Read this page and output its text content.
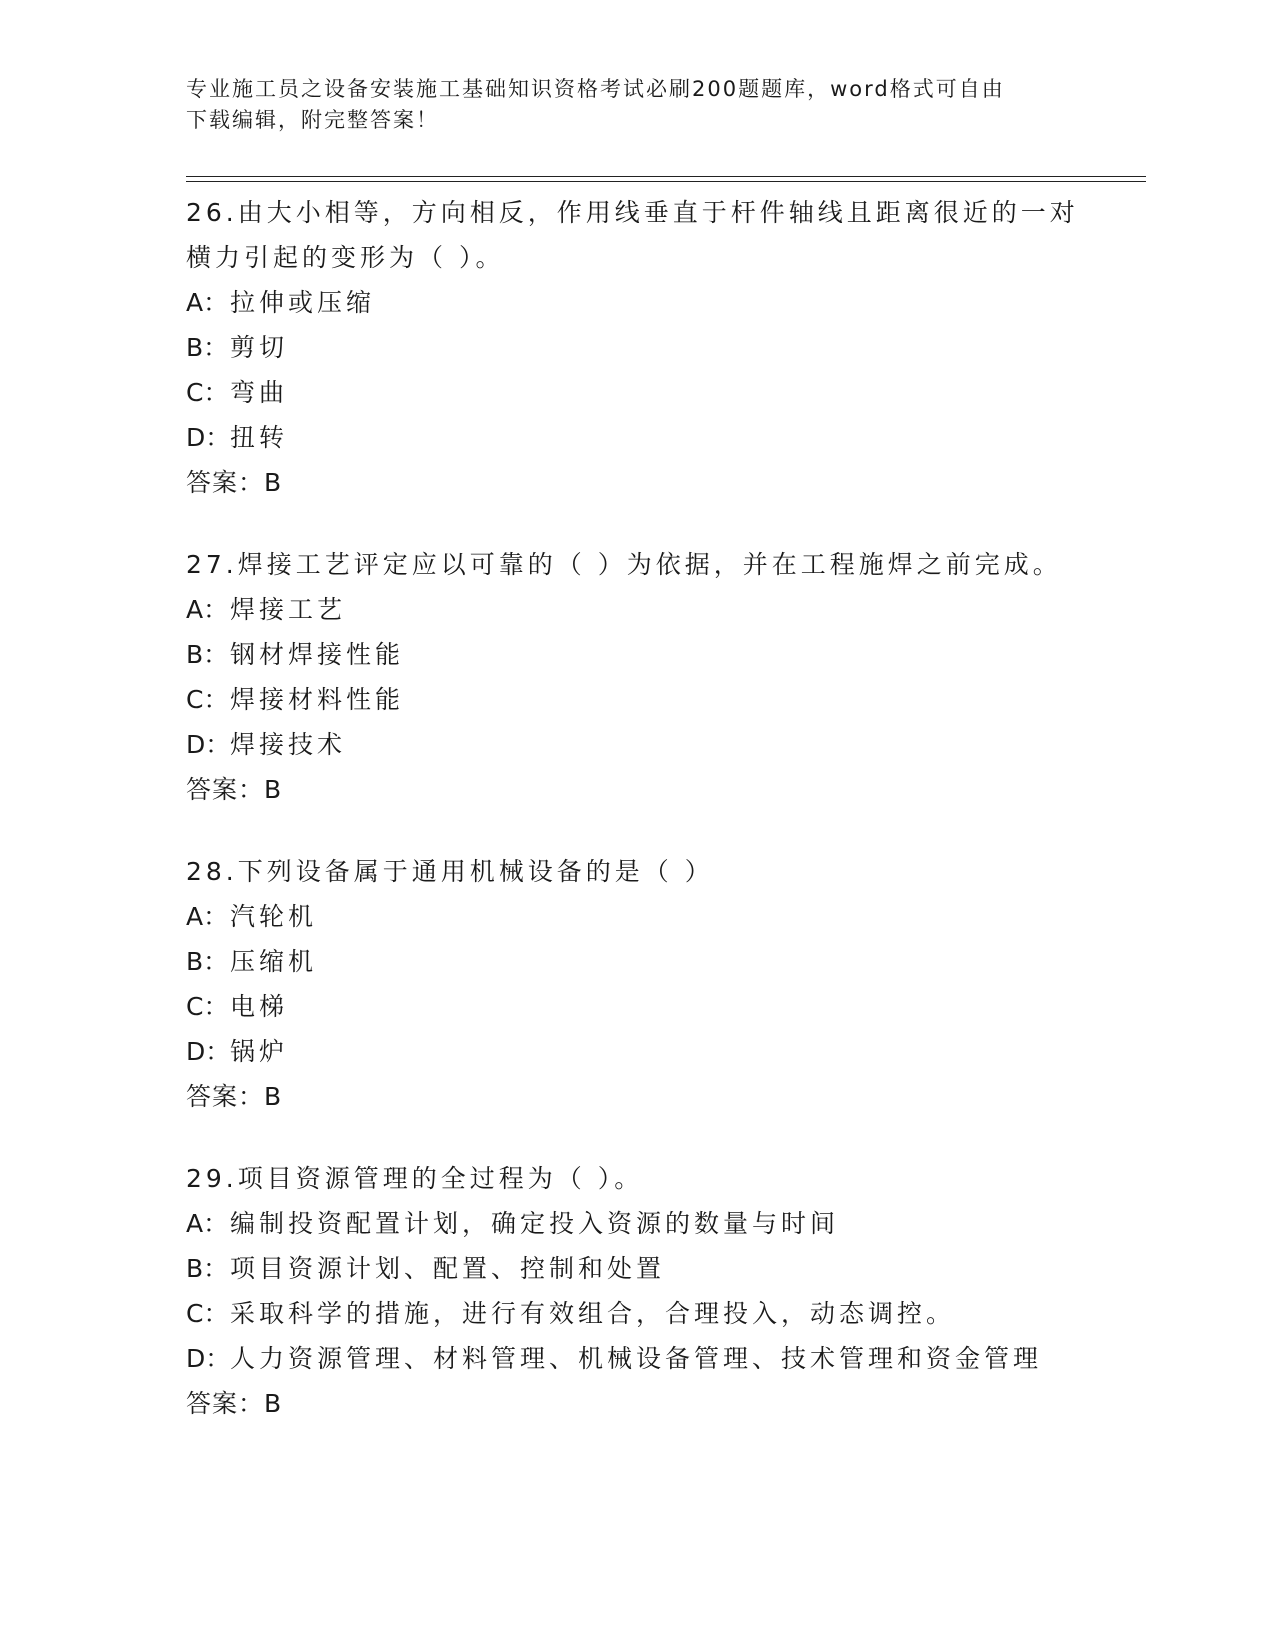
专业施工员之设备安装施工基础知识资格考试必刷200题题库，word格式可自由
下载编辑，附完整答案！
26.由大小相等，方向相反，作用线垂直于杆件轴线且距离很近的一对
横力引起的变形为（ ）。
A： 拉伸或压缩
B： 剪切
C： 弯曲
D： 扭转
答案：B
27.焊接工艺评定应以可靠的（ ）为依据，并在工程施焊之前完成。
A： 焊接工艺
B： 钢材焊接性能
C： 焊接材料性能
D： 焊接技术
答案：B
28.下列设备属于通用机械设备的是（ ）
A： 汽轮机
B： 压缩机
C： 电梯
D： 锅炉
答案：B
29.项目资源管理的全过程为（ ）。
A： 编制投资配置计划，确定投入资源的数量与时间
B： 项目资源计划、配置、控制和处置
C： 采取科学的措施，进行有效组合，合理投入，动态调控。
D： 人力资源管理、材料管理、机械设备管理、技术管理和资金管理
答案：B
